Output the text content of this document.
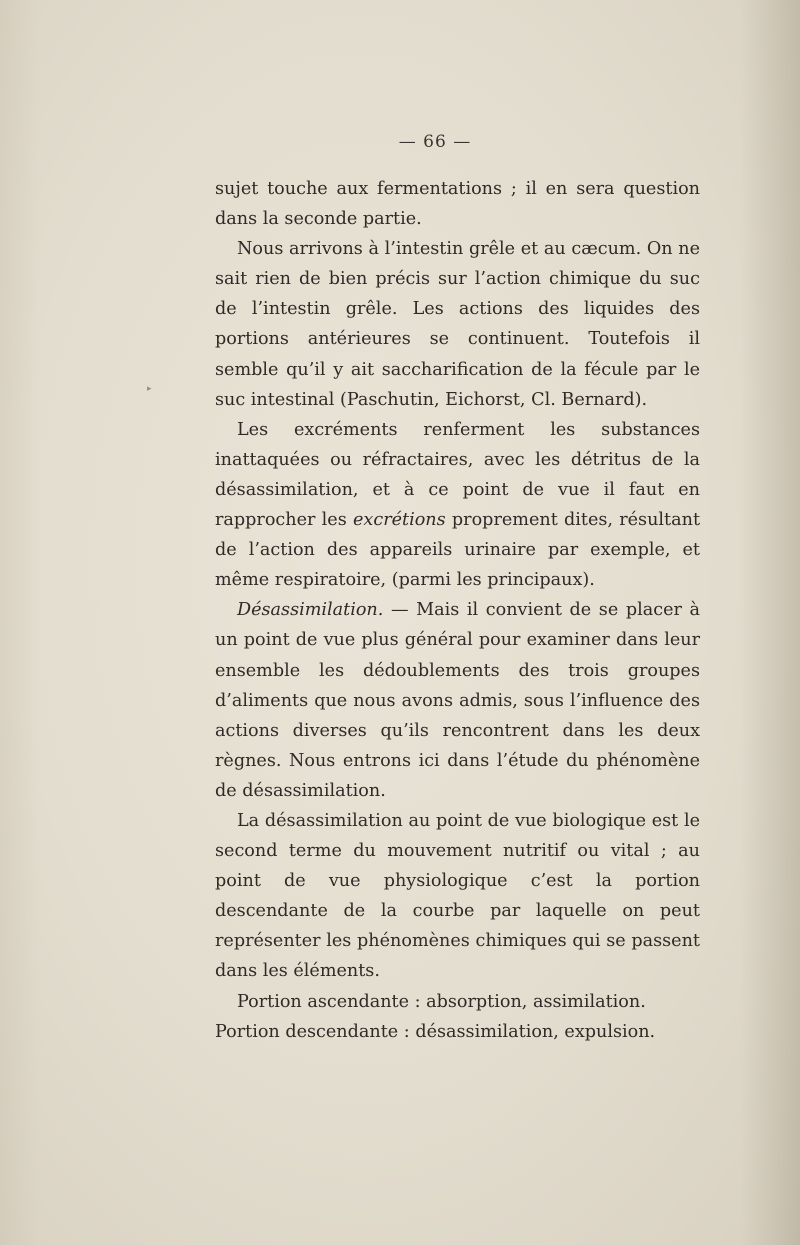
— 66 —
▸

sujet touche aux fermentations ; il en sera question dans la seconde partie.

Nous arrivons à l’intestin grêle et au cæcum. On ne sait rien de bien précis sur l’action chimique du suc de l’intestin grêle. Les actions des liquides des portions antérieures se continuent. Toutefois il semble qu’il y ait saccharification de la fécule par le suc intestinal (Paschutin, Eichorst, Cl. Bernard).

Les excréments renferment les substances inattaquées ou réfractaires, avec les détritus de la désassimilation, et à ce point de vue il faut en rapprocher les excrétions proprement dites, résultant de l’action des appareils urinaire par exemple, et même respiratoire, (parmi les principaux).

Désassimilation. — Mais il convient de se placer à un point de vue plus général pour examiner dans leur ensemble les dédoublements des trois groupes d’aliments que nous avons admis, sous l’influence des actions diverses qu’ils rencontrent dans les deux règnes. Nous entrons ici dans l’étude du phénomène de désassimilation.

La désassimilation au point de vue biologique est le second terme du mouvement nutritif ou vital ; au point de vue physiologique c’est la portion descendante de la courbe par laquelle on peut représenter les phénomènes chimiques qui se passent dans les éléments.

Portion ascendante : absorption, assimilation.

Portion descendante : désassimilation, expulsion.
